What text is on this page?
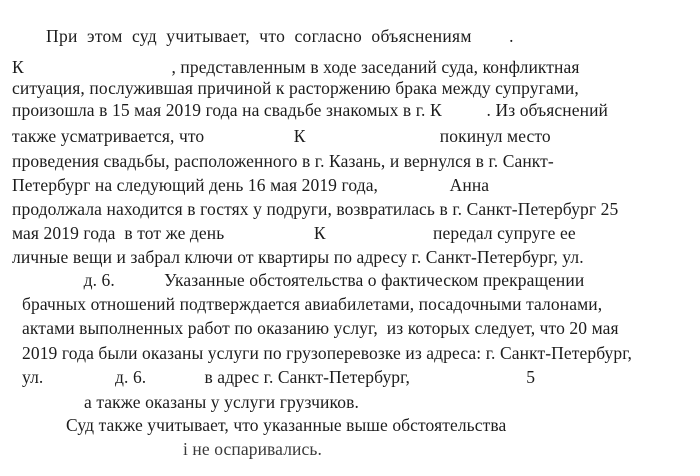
При  этом  суд  учитывает,  что  согласно  объяснениям        .
К                                 , представленным в ходе заседаний суда, конфликтная
ситуация, послужившая причиной к расторжению брака между супругами,
произошла в 15 мая 2019 года на свадьбе знакомых в г. К          . Из объяснений
также усматривается, что                    К                              покинул место
проведения свадьбы, расположенного в г. Казань, и вернулся в г. Санкт-
Петербург на следующий день 16 мая 2019 года,                Анна
продолжала находится в гостях у подруги, возвратилась в г. Санкт-Петербург 25
мая 2019 года  в тот же день                    К                        передал супруге ее
личные вещи и забрал ключи от квартиры по адресу г. Санкт-Петербург, ул.
д. 6.           Указанные обстоятельства о фактическом прекращении
брачных отношений подтверждается авиабилетами, посадочными талонами,
актами выполненных работ по оказанию услуг,  из которых следует, что 20 мая
2019 года были оказаны услуги по грузоперевозке из адреса: г. Санкт-Петербург,
ул.                д. 6.             в адрес г. Санкт-Петербург,                          5
а также оказаны у услуги грузчиков.
Суд также учитывает, что указанные выше обстоятельства
і не оспаривались.
